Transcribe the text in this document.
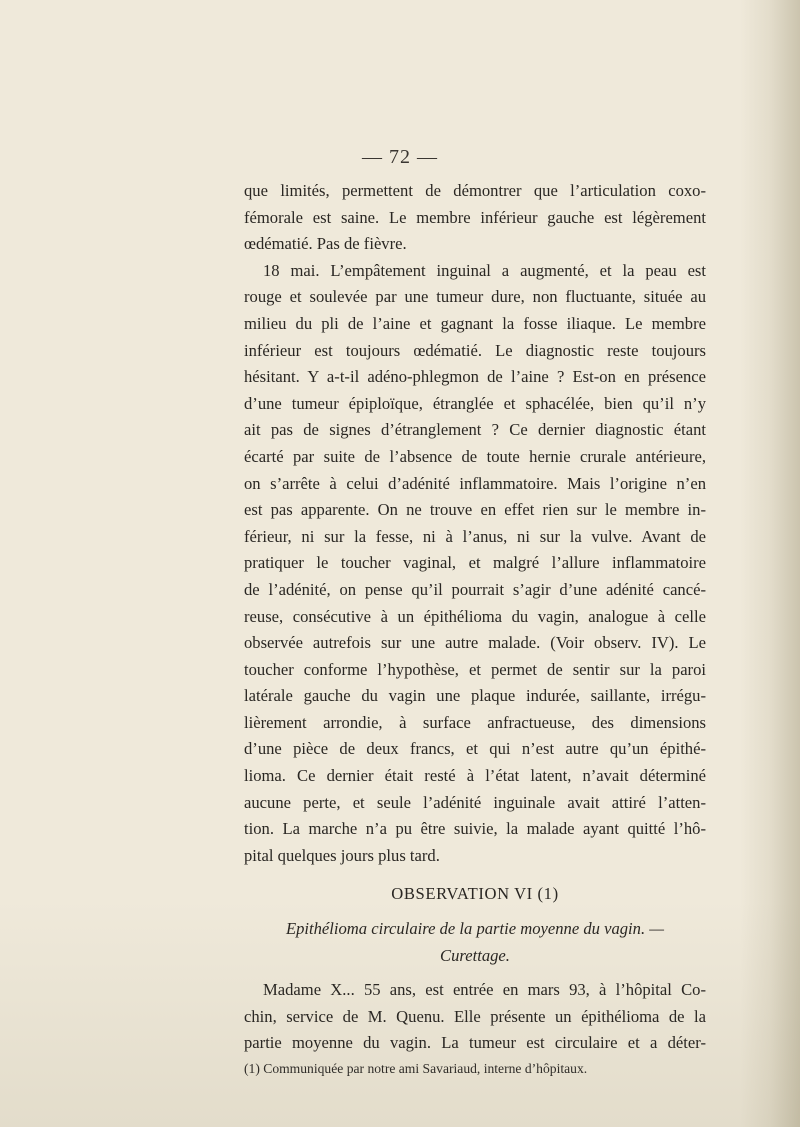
— 72 —
que limités, permettent de démontrer que l’articulation coxo-
fémorale est saine. Le membre inférieur gauche est légèrement
œdématié. Pas de fièvre.
18 mai. L’empâtement inguinal a augmenté, et la peau est
rouge et soulevée par une tumeur dure, non fluctuante, située au
milieu du pli de l’aine et gagnant la fosse iliaque. Le membre
inférieur est toujours œdématié. Le diagnostic reste toujours
hésitant. Y a-t-il adéno-phlegmon de l’aine ? Est-on en présence
d’une tumeur épiploïque, étranglée et sphacélée, bien qu’il n’y
ait pas de signes d’étranglement ? Ce dernier diagnostic étant
écarté par suite de l’absence de toute hernie crurale antérieure,
on s’arrête à celui d’adénité inflammatoire. Mais l’origine n’en
est pas apparente. On ne trouve en effet rien sur le membre in-
férieur, ni sur la fesse, ni à l’anus, ni sur la vulve. Avant de
pratiquer le toucher vaginal, et malgré l’allure inflammatoire
de l’adénité, on pense qu’il pourrait s’agir d’une adénité cancé-
reuse, consécutive à un épithélioma du vagin, analogue à celle
observée autrefois sur une autre malade. (Voir observ. IV). Le
toucher conforme l’hypothèse, et permet de sentir sur la paroi
latérale gauche du vagin une plaque indurée, saillante, irrégu-
lièrement arrondie, à surface anfractueuse, des dimensions
d’une pièce de deux francs, et qui n’est autre qu’un épithé-
lioma. Ce dernier était resté à l’état latent, n’avait déterminé
aucune perte, et seule l’adénité inguinale avait attiré l’atten-
tion. La marche n’a pu être suivie, la malade ayant quitté l’hô-
pital quelques jours plus tard.
OBSERVATION VI (1)
Epithélioma circulaire de la partie moyenne du vagin. —
Curettage.
Madame X... 55 ans, est entrée en mars 93, à l’hôpital Co-
chin, service de M. Quenu. Elle présente un épithélioma de la
partie moyenne du vagin. La tumeur est circulaire et a déter-
(1) Communiquée par notre ami Savariaud, interne d’hôpitaux.
